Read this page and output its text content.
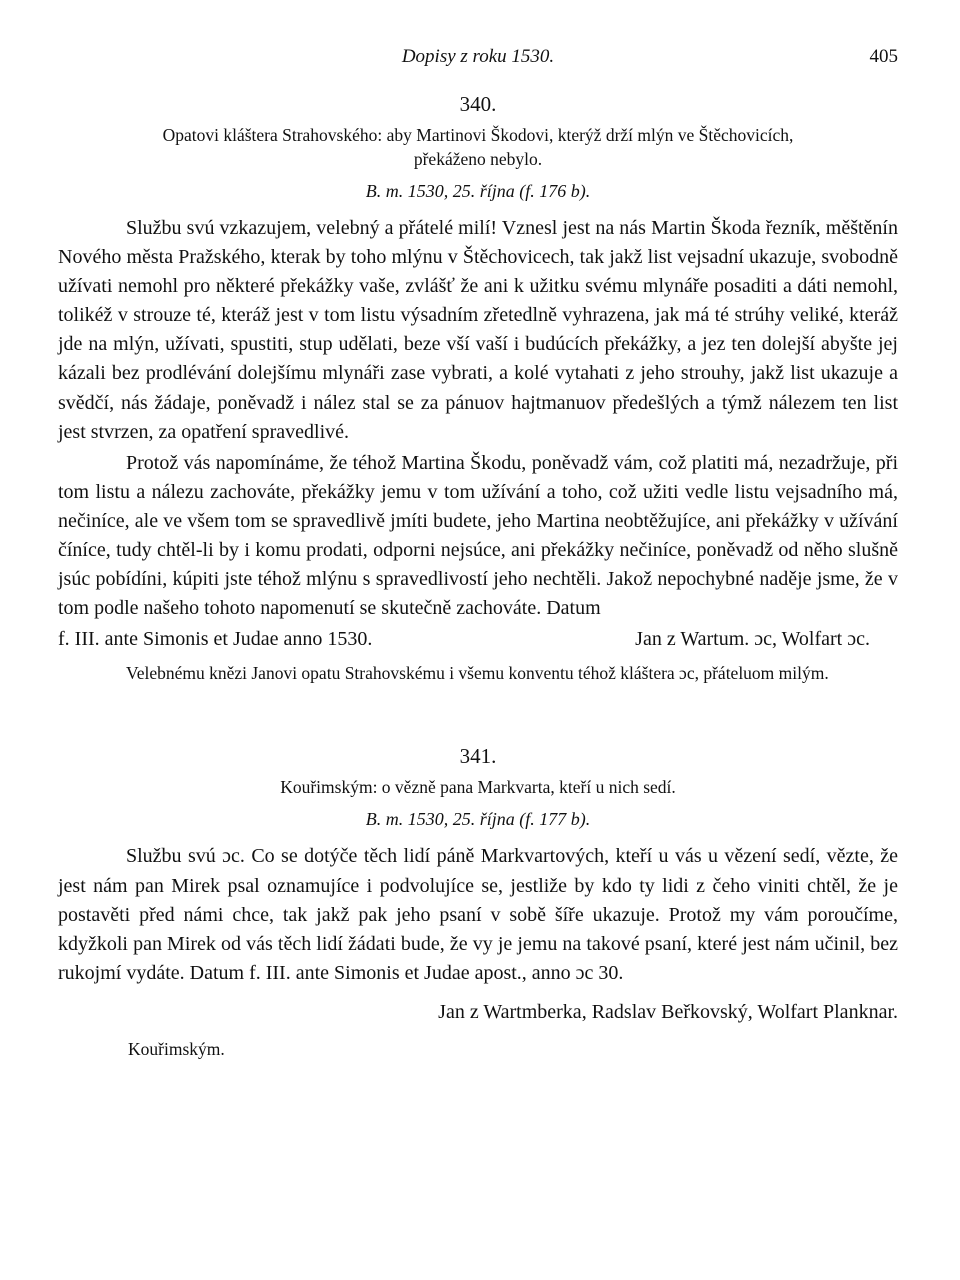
Dopisy z roku 1530.	405
340.
Opatovi kláštera Strahovského: aby Martinovi Škodovi, kterýž drží mlýn ve Štěchovicích,
překáženo nebylo.
B. m. 1530, 25. října (f. 176 b).

Službu svú vzkazujem, velebný a přátelé milí! Vznesl jest na nás Martin Škoda řezník, měštěnín Nového města Pražského, kterak by toho mlýnu v Štěchovicech, tak jakž list vejsadní ukazuje, svobodně užívati nemohl pro některé překážky vaše, zvlášť že ani k užitku svému mlynáře posaditi a dáti nemohl, tolikéž v strouze té, kteráž jest v tom listu výsadním zřetedlně vyhrazena, jak má té strúhy veliké, kteráž jde na mlýn, užívati, spustiti, stup udělati, beze vší vaší i budúcích překážky, a jez ten dolejší abyšte jej kázali bez prodlévání dolejšímu mlynáři zase vybrati, a kolé vytahati z jeho strouhy, jakž list ukazuje a svědčí, nás žádaje, poněvadž i nález stal se za pánuov hajtmanuov předešlých a týmž nálezem ten list jest stvrzen, za opatření spravedlivé.

Protož vás napomínáme, že téhož Martina Škodu, poněvadž vám, což platiti má, nezadržuje, při tom listu a nálezu zachováte, překážky jemu v tom užívání a toho, což užiti vedle listu vejsadního má, nečiníce, ale ve všem tom se spravedlivě jmíti budete, jeho Martina neobtěžujíce, ani překážky v užívání číníce, tudy chtěl-li by i komu prodati, odporni nejsúce, ani překážky nečiníce, poněvadž od něho slušně jsúc pobídíni, kúpiti jste téhož mlýnu s spravedlivostí jeho nechtěli. Jakož nepochybné naděje jsme, že v tom podle našeho tohoto napomenutí se skutečně zachováte. Datum

f. III. ante Simonis et Judae anno 1530.	Jan z Wartum. ɔc, Wolfart ɔc.

Velebnému knězi Janovi opatu Strahovskému i všemu konventu téhož kláštera ɔc, přáteluom milým.

341.
Kouřimským: o vězně pana Markvarta, kteří u nich sedí.
B. m. 1530, 25. října (f. 177 b).

Službu svú ɔc. Co se dotýče těch lidí páně Markvartových, kteří u vás u vězení sedí, vězte, že jest nám pan Mirek psal oznamujíce i podvolujíce se, jestliže by kdo ty lidi z čeho viniti chtěl, že je postavěti před námi chce, tak jakž pak jeho psaní v sobě šíře ukazuje. Protož my vám poroučíme, kdyžkoli pan Mirek od vás těch lidí žádati bude, že vy je jemu na takové psaní, které jest nám učinil, bez rukojmí vydáte. Datum f. III. ante Simonis et Judae apost., anno ɔc 30.

Jan z Wartmberka, Radslav Beřkovský, Wolfart Planknar.
Kouřimským.
